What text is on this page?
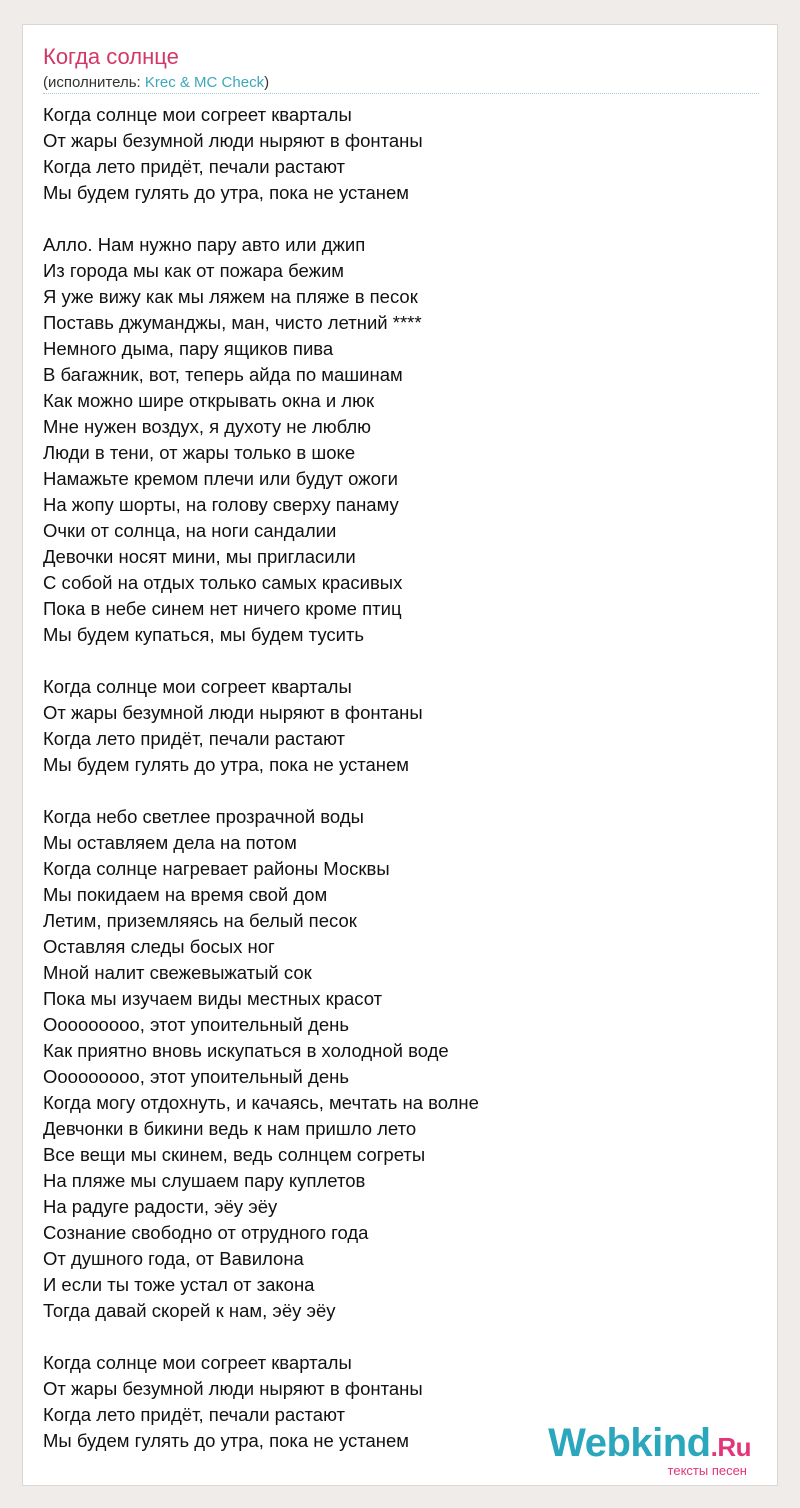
Когда солнце
(исполнитель: Krec & MC Check)
Когда солнце мои согреет кварталы
От жары безумной люди ныряют в фонтаны
Когда лето придёт, печали растают
Мы будем гулять до утра, пока не устанем
Алло. Нам нужно пару авто или джип
Из города мы как от пожара бежим
Я уже вижу как мы ляжем на пляже в песок
Поставь джуманджы, ман, чисто летний ****
Немного дыма, пару ящиков пива
В багажник, вот, теперь айда по машинам
Как можно шире открывать окна и люк
Мне нужен воздух, я духоту не люблю
Люди в тени, от жары только в шоке
Намажьте кремом плечи или будут ожоги
На жопу шорты, на голову сверху панаму
Очки от солнца, на ноги сандалии
Девочки носят мини, мы пригласили
С собой на отдых только самых красивых
Пока в небе синем нет ничего кроме птиц
Мы будем купаться, мы будем тусить
Когда солнце мои согреет кварталы
От жары безумной люди ныряют в фонтаны
Когда лето придёт, печали растают
Мы будем гулять до утра, пока не устанем
Когда небо светлее прозрачной воды
Мы оставляем дела на потом
Когда солнце нагревает районы Москвы
Мы покидаем на время свой дом
Летим, приземляясь на белый песок
Оставляя следы босых ног
Мной налит свежевыжатый сок
Пока мы изучаем виды местных красот
Ооооооооо, этот упоительный день
Как приятно вновь искупаться в холодной воде
Ооооооооо, этот упоительный день
Когда могу отдохнуть, и качаясь, мечтать на волне
Девчонки в бикини ведь к нам пришло лето
Все вещи мы скинем, ведь солнцем согреты
На пляже мы слушаем пару куплетов
На радуге радости, эёу эёу
Сознание свободно от отрудного года
От душного года, от Вавилона
И если ты тоже устал от закона
Тогда давай скорей к нам, эёу эёу
Когда солнце мои согреет кварталы
От жары безумной люди ныряют в фонтаны
Когда лето придёт, печали растают
Мы будем гулять до утра, пока не устанем	Webkind.Ru
тексты песен
